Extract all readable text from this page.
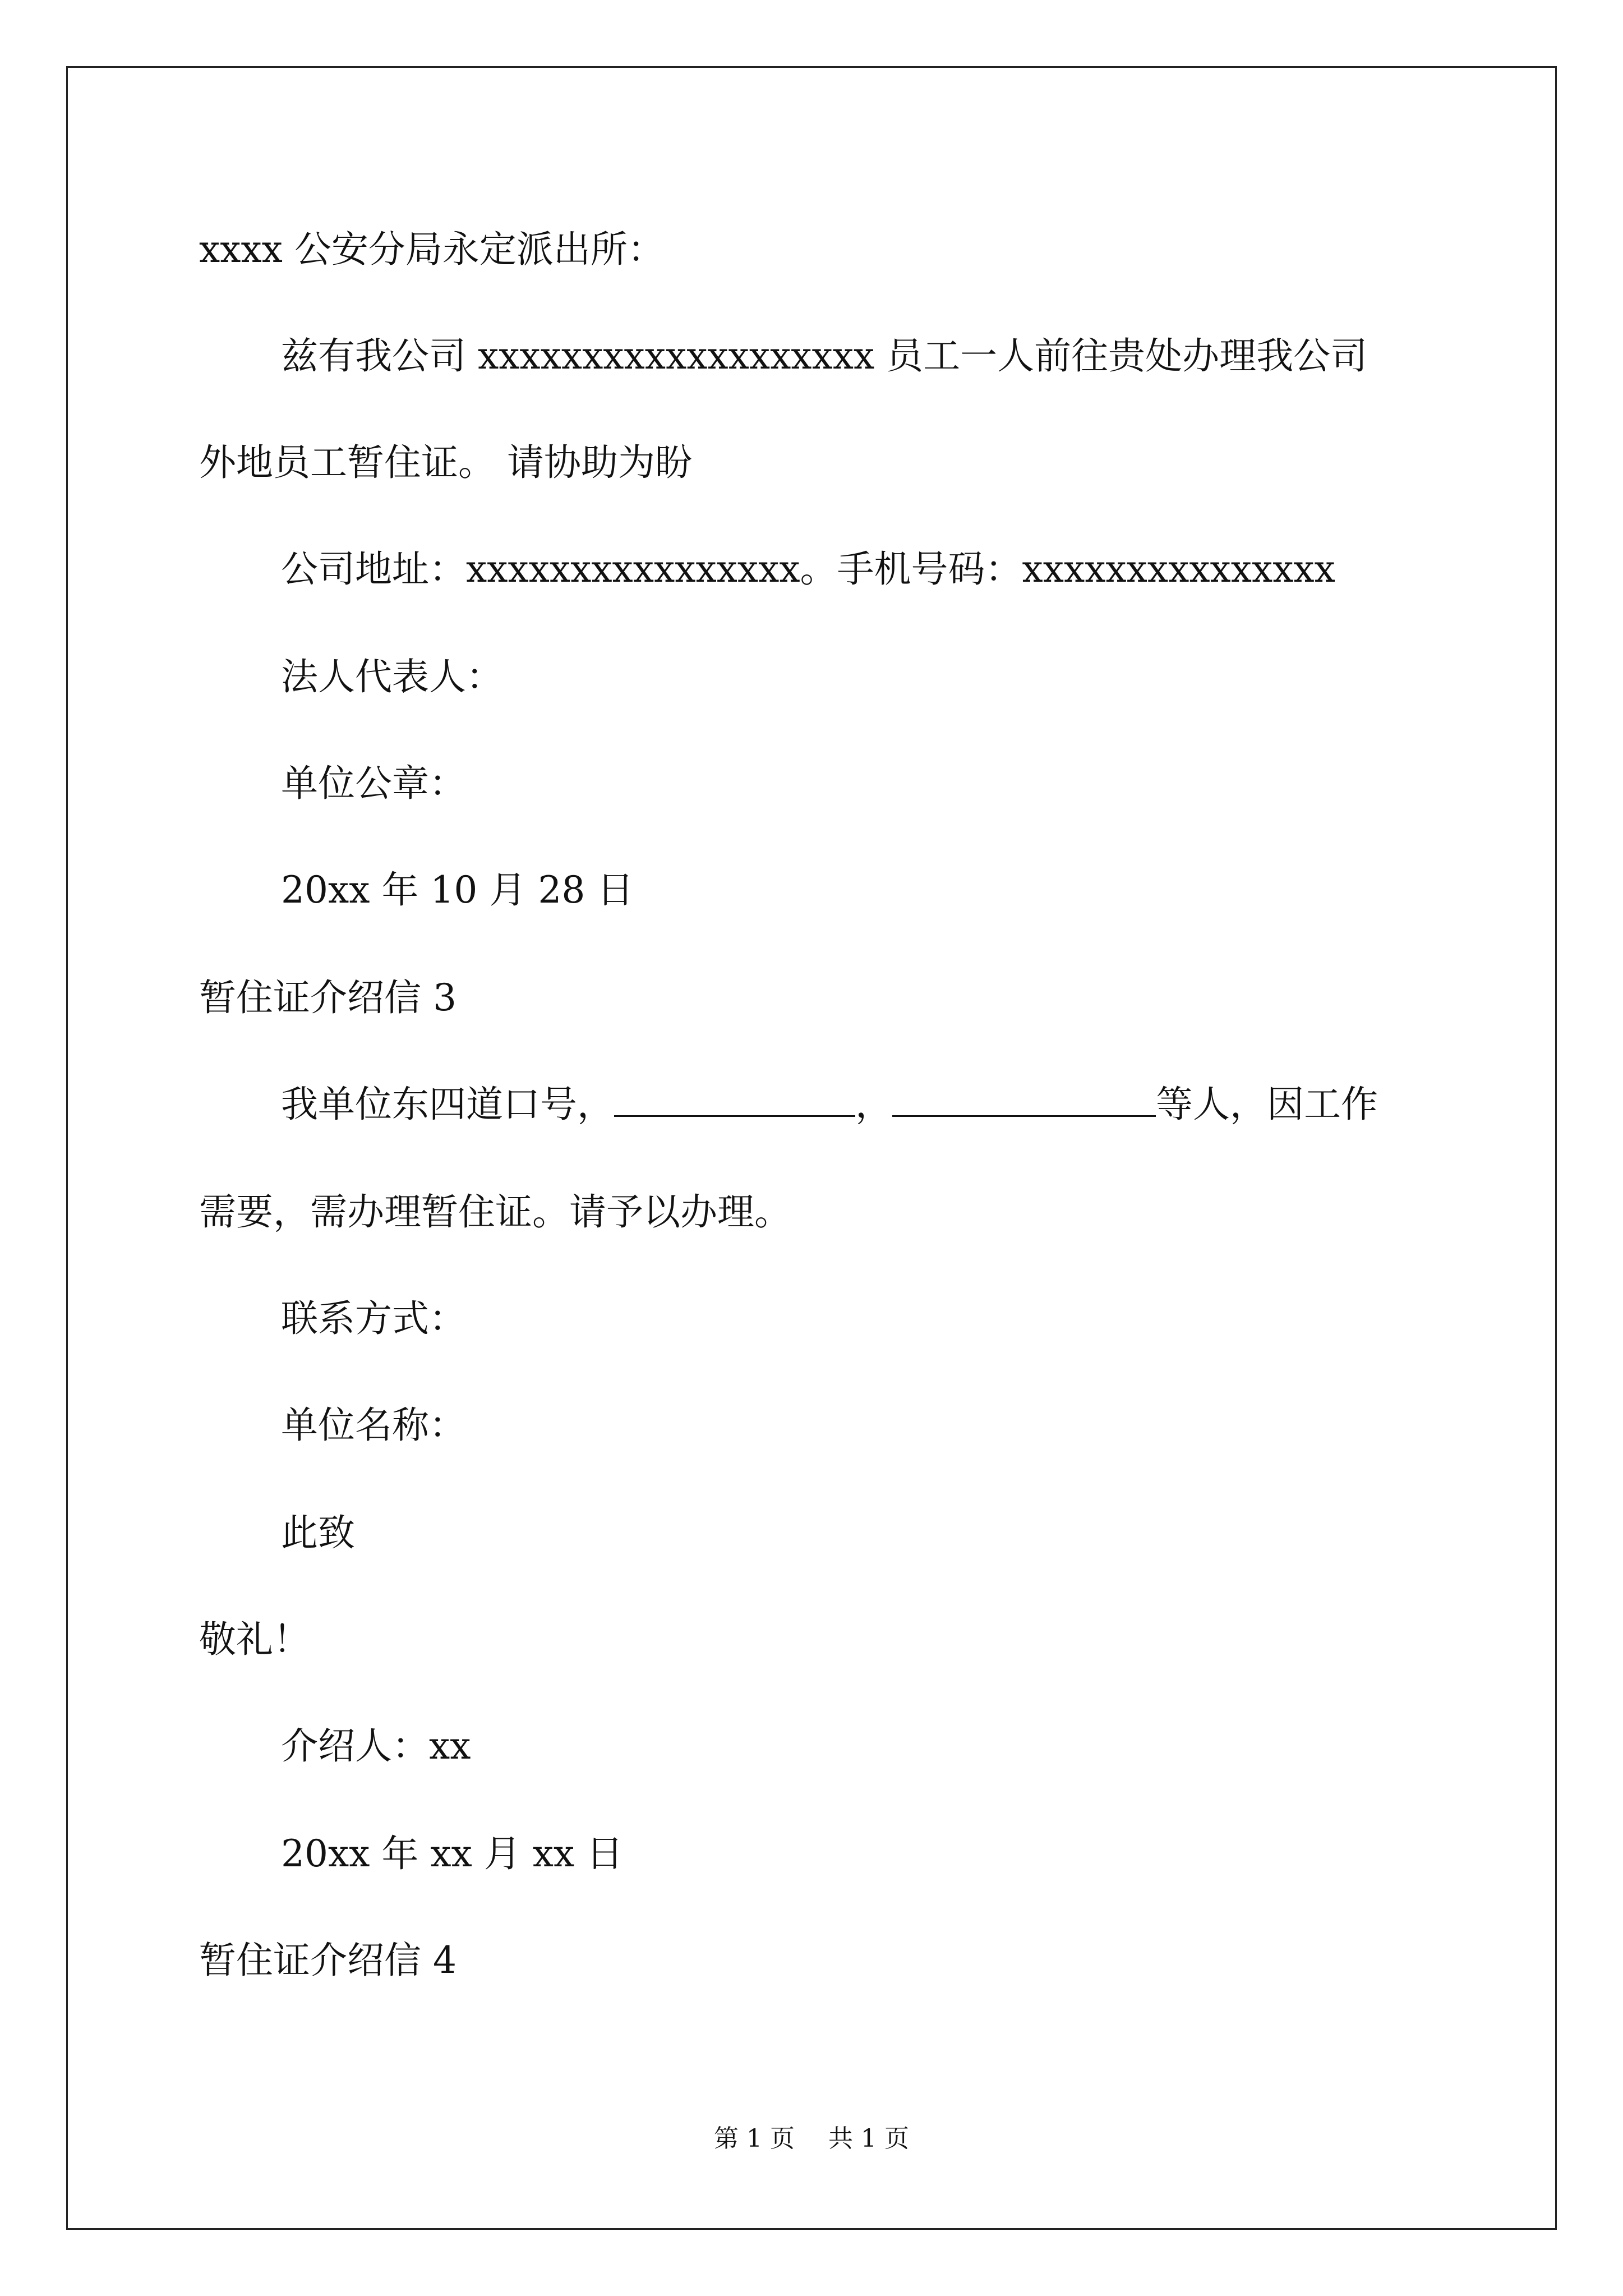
xxxx 公安分局永定派出所：
兹有我公司 xxxxxxxxxxxxxxxxxxx 员工一人前往贵处办理我公司
外地员工暂住证。 请协助为盼
公司地址：xxxxxxxxxxxxxxxx。手机号码：xxxxxxxxxxxxxxx
法人代表人：
单位公章：
20xx 年 10 月 28 日
暂住证介绍信 3
我单位东四道口号，	，	等人，因工作
需要，需办理暂住证。请予以办理。
联系方式：
单位名称：
此致
敬礼！
介绍人：xx
20xx 年 xx 月 xx 日
暂住证介绍信 4
第 1 页 共 1 页
